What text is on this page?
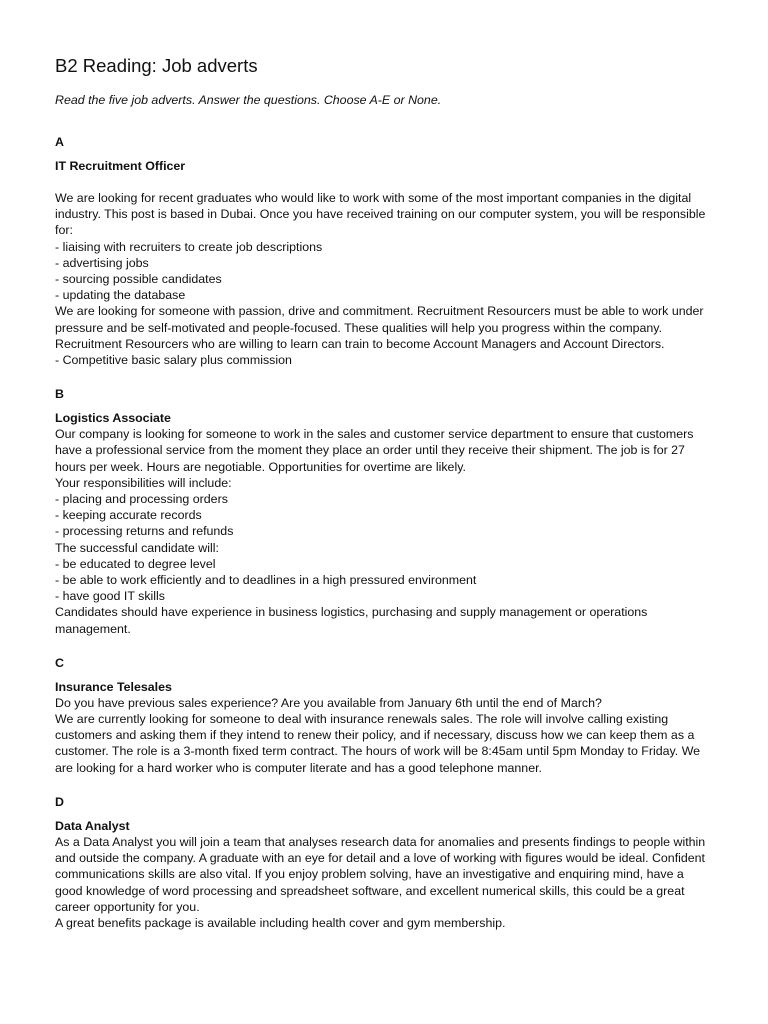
B2 Reading: Job adverts

Read the five job adverts. Answer the questions. Choose A-E or None.

A

IT Recruitment Officer

We are looking for recent graduates who would like to work with some of the most important companies in the digital industry. This post is based in Dubai. Once you have received training on our computer system, you will be responsible for:

- liaising with recruiters to create job descriptions
- advertising jobs
- sourcing possible candidates
- updating the database

We are looking for someone with passion, drive and commitment. Recruitment Resourcers must be able to work under pressure and be self-motivated and people-focused. These qualities will help you progress within the company. Recruitment Resourcers who are willing to learn can train to become Account Managers and Account Directors.

- Competitive basic salary plus commission

B

Logistics Associate

Our company is looking for someone to work in the sales and customer service department to ensure that customers have a professional service from the moment they place an order until they receive their shipment. The job is for 27 hours per week. Hours are negotiable. Opportunities for overtime are likely.

Your responsibilities will include:

- placing and processing orders
- keeping accurate records
- processing returns and refunds

The successful candidate will:

- be educated to degree level
- be able to work efficiently and to deadlines in a high pressured environment
- have good IT skills

Candidates should have experience in business logistics, purchasing and supply management or operations management.

C

Insurance Telesales

Do you have previous sales experience? Are you available from January 6th until the end of March?

We are currently looking for someone to deal with insurance renewals sales. The role will involve calling existing customers and asking them if they intend to renew their policy, and if necessary, discuss how we can keep them as a customer. The role is a 3-month fixed term contract. The hours of work will be 8:45am until 5pm Monday to Friday. We are looking for a hard worker who is computer literate and has a good telephone manner.

D

Data Analyst

As a Data Analyst you will join a team that analyses research data for anomalies and presents findings to people within and outside the company. A graduate with an eye for detail and a love of working with figures would be ideal. Confident communications skills are also vital. If you enjoy problem solving, have an investigative and enquiring mind, have a good knowledge of word processing and spreadsheet software, and excellent numerical skills, this could be a great career opportunity for you.

A great benefits package is available including health cover and gym membership.
